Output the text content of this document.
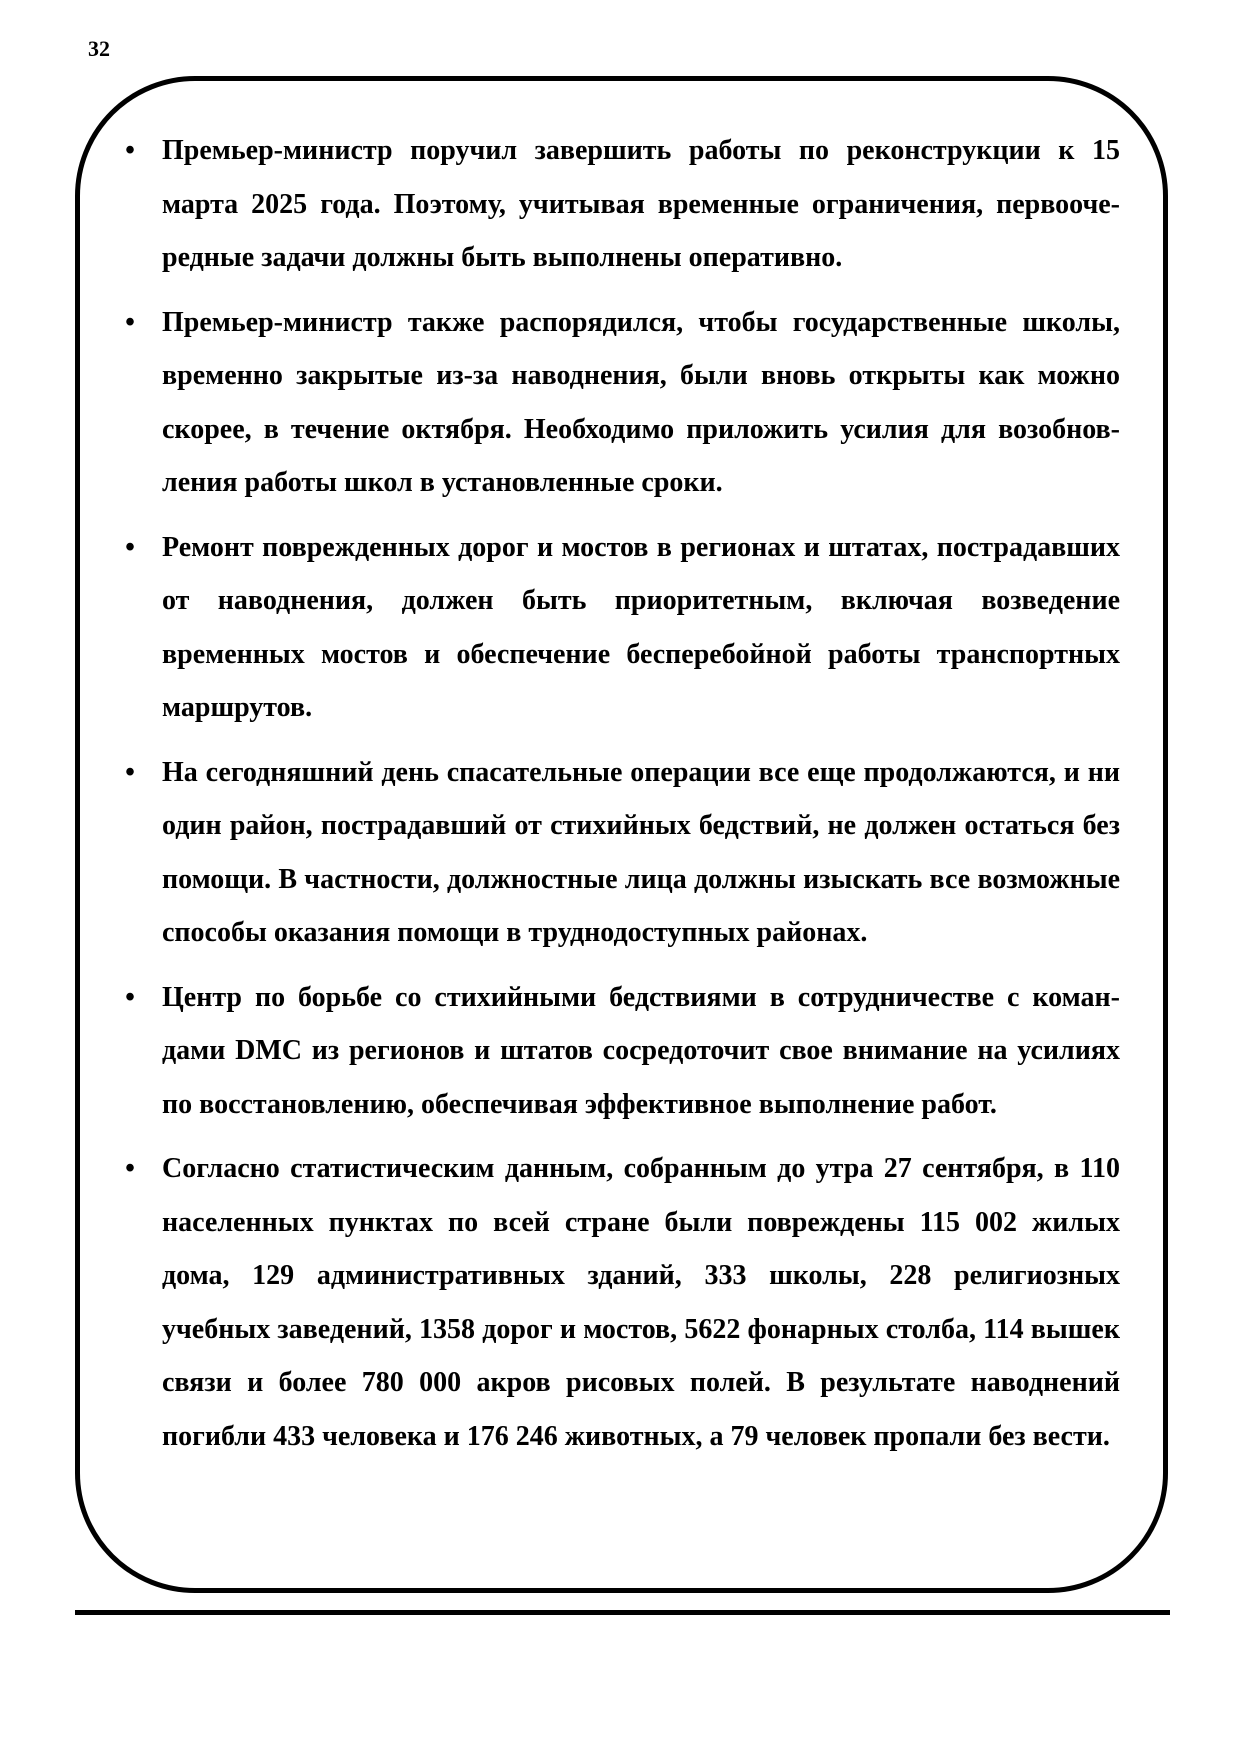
32
• Премьер-министр поручил завершить работы по реконструкции к 15 марта 2025 года. Поэтому, учитывая временные ограничения, первоочередные задачи должны быть выполнены оперативно.
• Премьер-министр также распорядился, чтобы государственные школы, временно закрытые из-за наводнения, были вновь открыты как можно скорее, в течение октября. Необходимо приложить усилия для возобновления работы школ в установленные сроки.
• Ремонт поврежденных дорог и мостов в регионах и штатах, пострадавших от наводнения, должен быть приоритетным, включая возведение временных мостов и обеспечение бесперебойной работы транспортных маршрутов.
• На сегодняшний день спасательные операции все еще продолжаются, и ни один район, пострадавший от стихийных бедствий, не должен остаться без помощи. В частности, должностные лица должны изыскать все возможные способы оказания помощи в труднодоступных районах.
• Центр по борьбе со стихийными бедствиями в сотрудничестве с командами DMC из регионов и штатов сосредоточит свое внимание на усилиях по восстановлению, обеспечивая эффективное выполнение работ.
• Согласно статистическим данным, собранным до утра 27 сентября, в 110 населенных пунктах по всей стране были повреждены 115 002 жилых дома, 129 административных зданий, 333 школы, 228 религиозных учебных заведений, 1358 дорог и мостов, 5622 фонарных столба, 114 вышек связи и более 780 000 акров рисовых полей. В результате наводнений погибли 433 человека и 176 246 животных, а 79 человек пропали без вести.
